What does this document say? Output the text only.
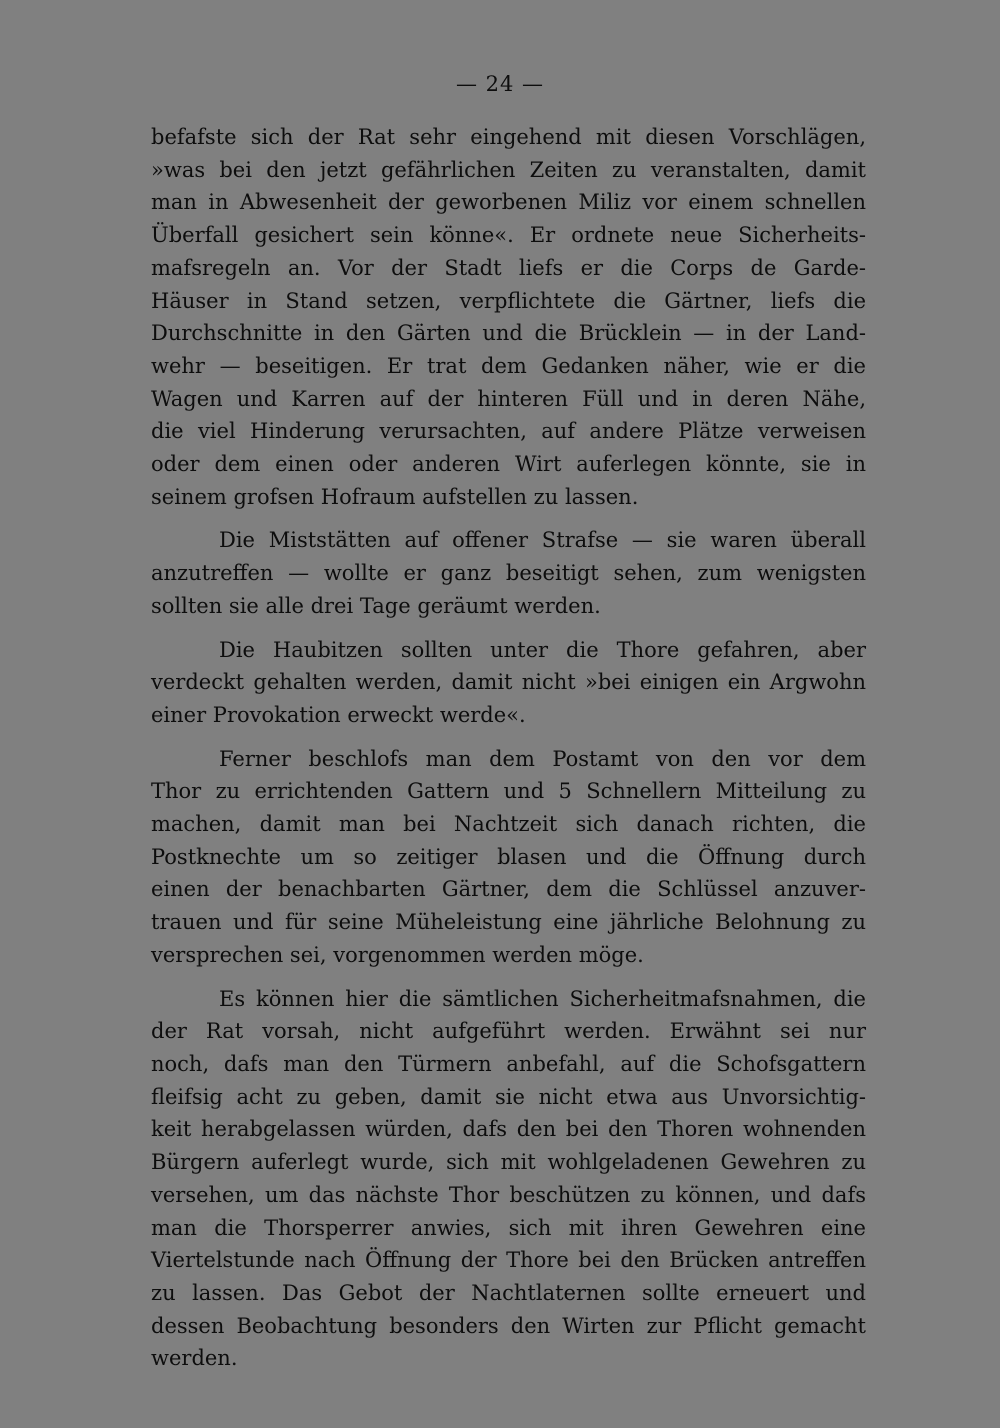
— 24 —

befafste sich der Rat sehr eingehend mit diesen Vorschlägen,
»was bei den jetzt gefährlichen Zeiten zu veranstalten, damit
man in Abwesenheit der geworbenen Miliz vor einem schnellen
Überfall gesichert sein könne«. Er ordnete neue Sicherheits-
mafsregeln an. Vor der Stadt liefs er die Corps de Garde-
Häuser in Stand setzen, verpflichtete die Gärtner, liefs die
Durchschnitte in den Gärten und die Brücklein — in der Land-
wehr — beseitigen. Er trat dem Gedanken näher, wie er die
Wagen und Karren auf der hinteren Füll und in deren Nähe,
die viel Hinderung verursachten, auf andere Plätze verweisen
oder dem einen oder anderen Wirt auferlegen könnte, sie in
seinem grofsen Hofraum aufstellen zu lassen.

Die Miststätten auf offener Strafse — sie waren überall
anzutreffen — wollte er ganz beseitigt sehen, zum wenigsten
sollten sie alle drei Tage geräumt werden.

Die Haubitzen sollten unter die Thore gefahren, aber
verdeckt gehalten werden, damit nicht »bei einigen ein Argwohn
einer Provokation erweckt werde«.

Ferner beschlofs man dem Postamt von den vor dem
Thor zu errichtenden Gattern und 5 Schnellern Mitteilung zu
machen, damit man bei Nachtzeit sich danach richten, die
Postknechte um so zeitiger blasen und die Öffnung durch
einen der benachbarten Gärtner, dem die Schlüssel anzuver-
trauen und für seine Müheleistung eine jährliche Belohnung zu
versprechen sei, vorgenommen werden möge.

Es können hier die sämtlichen Sicherheitmafsnahmen, die
der Rat vorsah, nicht aufgeführt werden. Erwähnt sei nur
noch, dafs man den Türmern anbefahl, auf die Schofsgattern
fleifsig acht zu geben, damit sie nicht etwa aus Unvorsichtig-
keit herabgelassen würden, dafs den bei den Thoren wohnenden
Bürgern auferlegt wurde, sich mit wohlgeladenen Gewehren zu
versehen, um das nächste Thor beschützen zu können, und dafs
man die Thorsperrer anwies, sich mit ihren Gewehren eine
Viertelstunde nach Öffnung der Thore bei den Brücken antreffen
zu lassen. Das Gebot der Nachtlaternen sollte erneuert und
dessen Beobachtung besonders den Wirten zur Pflicht gemacht
werden.
